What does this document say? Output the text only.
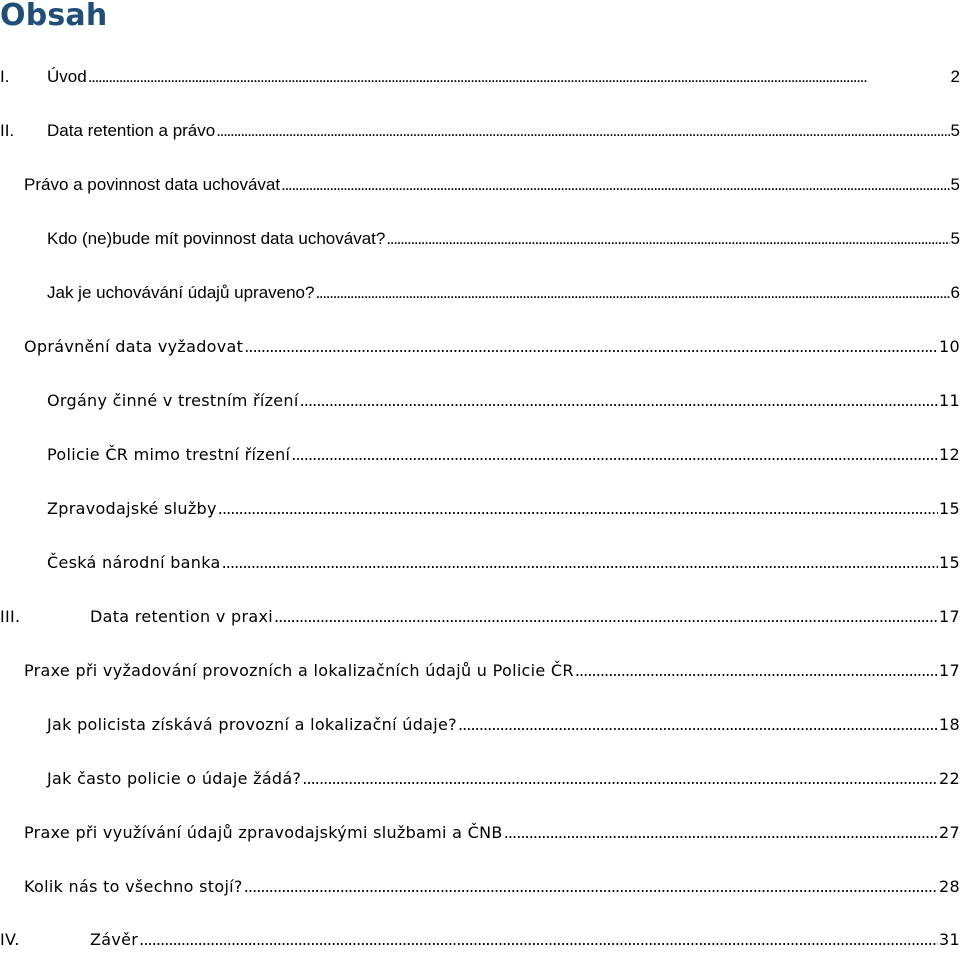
Obsah
I. Úvod . . .	2
II. Data retention a právo . . .	5
Právo a povinnost data uchovávat . . .	5
Kdo (ne)bude mít povinnost data uchovávat? . . .	5
Jak je uchovávání údajů upraveno? . . .	6
Oprávnění data vyžadovat . . .	10
Orgány činné v trestním řízení . . .	11
Policie ČR mimo trestní řízení . . .	12
Zpravodajské služby . . .	15
Česká národní banka . . .	15
III.	Data retention v praxi . . .	17
Praxe při vyžadování provozních a lokalizačních údajů u Policie ČR . . .	17
Jak policista získává provozní a lokalizační údaje? . . .	18
Jak často policie o údaje žádá? . . .	22
Praxe při využívání údajů zpravodajskými službami a ČNB . . .	27
Kolik nás to všechno stojí? . . .	28
IV.	Závěr . . .	31
